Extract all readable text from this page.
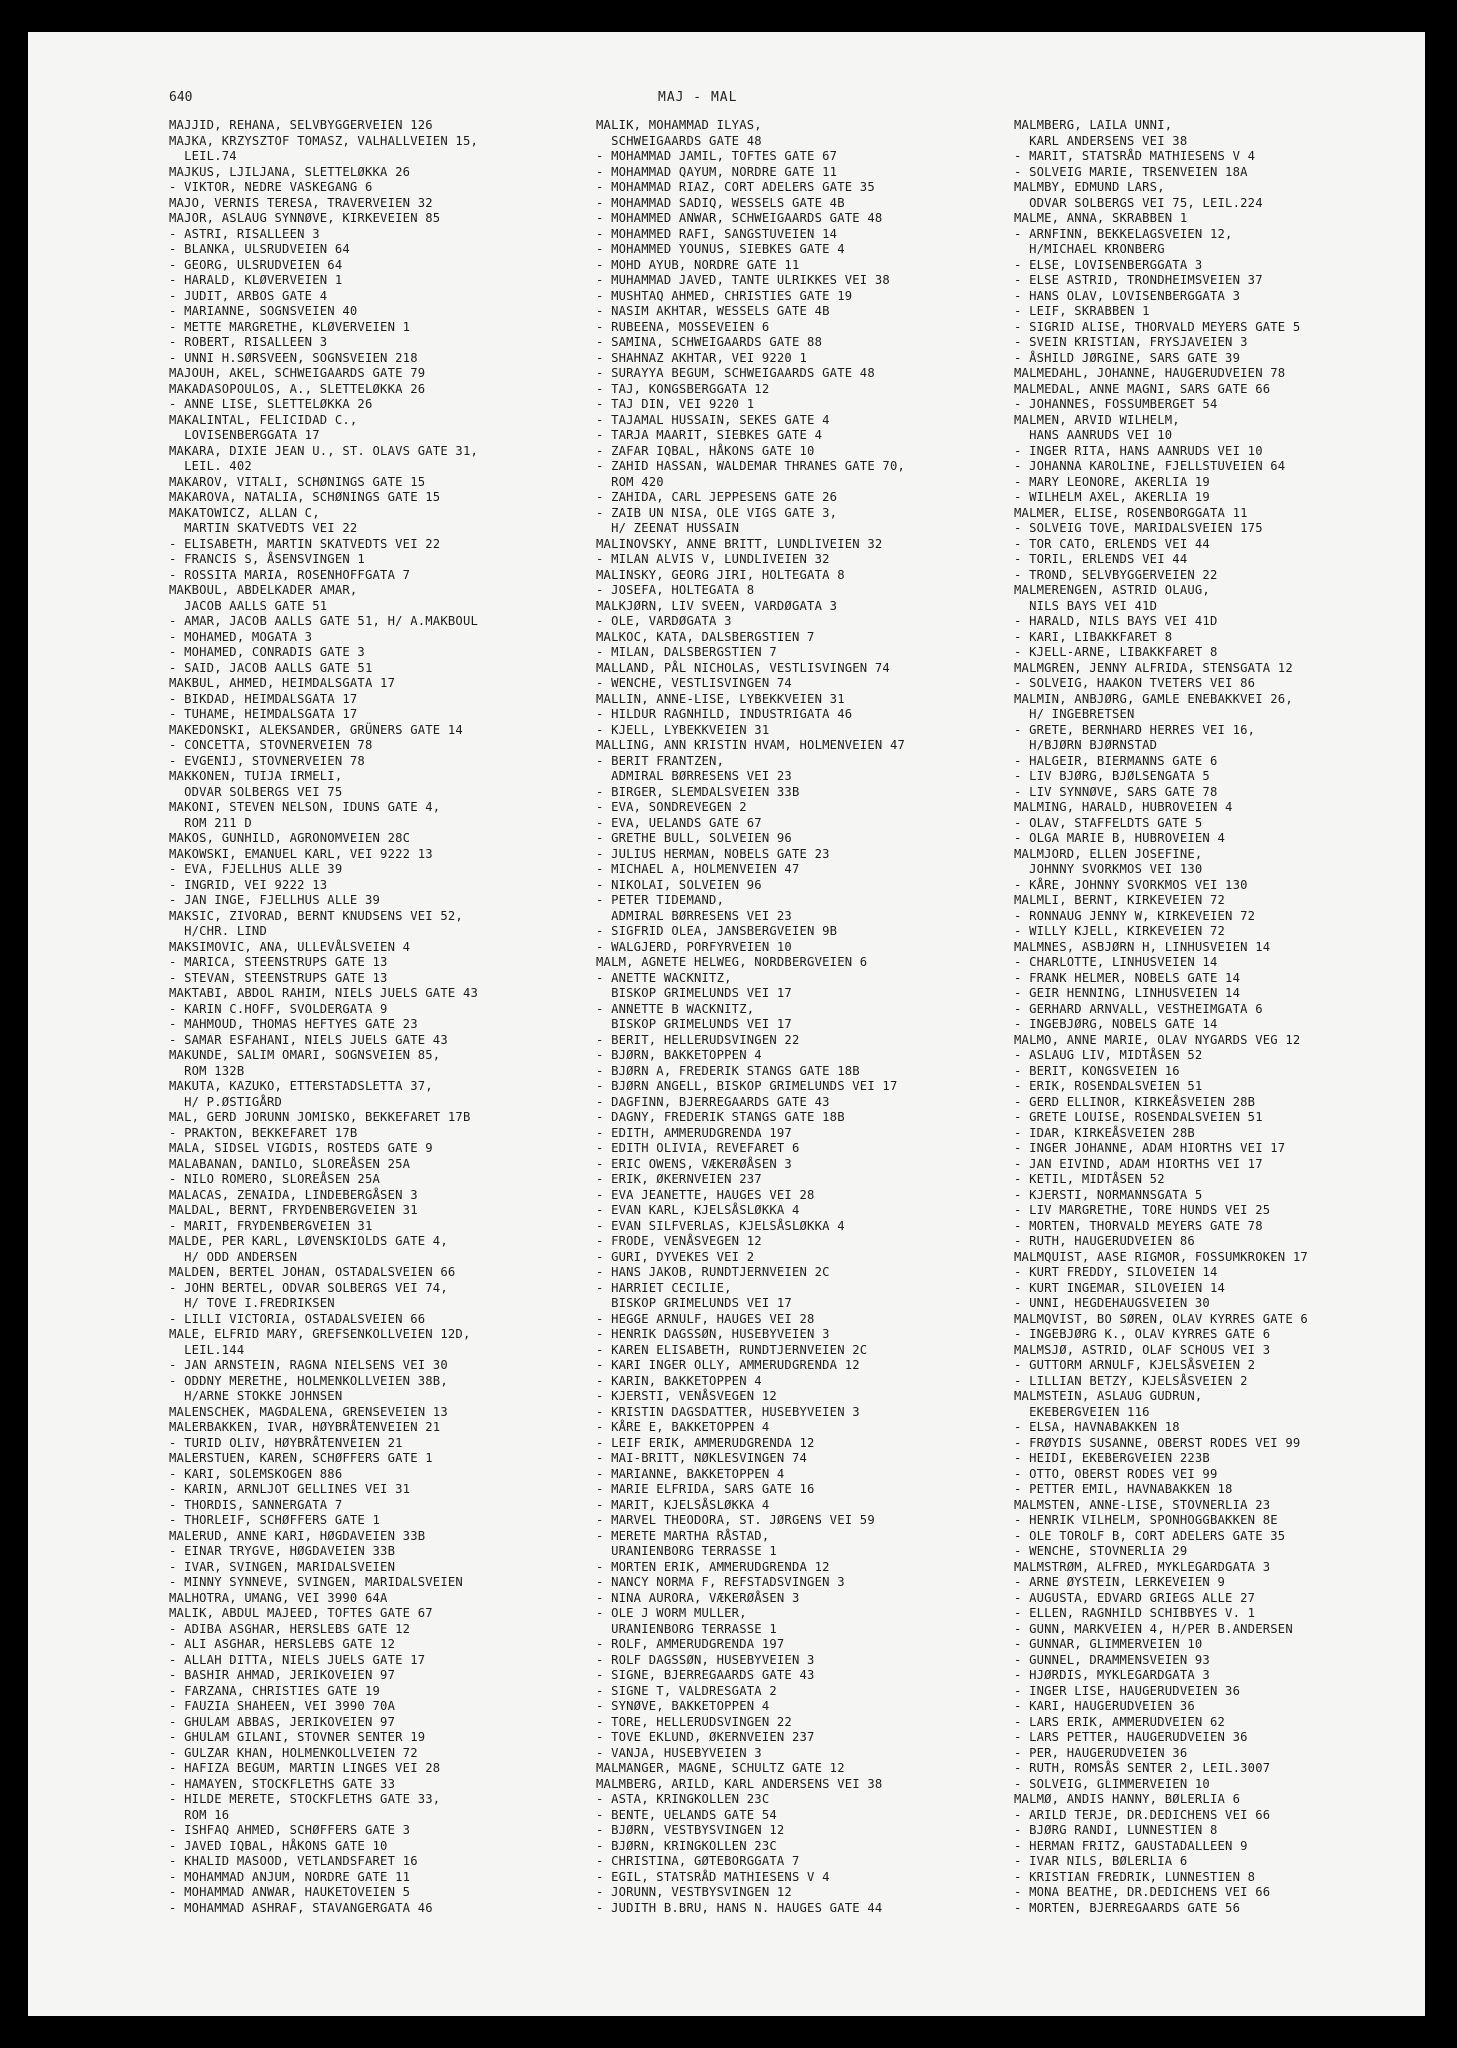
640	MAJ - MAL
MAJJID, REHANA, SELVBYGGERVEIEN 126
MAJKA, KRZYSZTOF TOMASZ, VALHALLVEIEN 15,
LEIL.74
MAJKUS, LJILJANA, SLETTELØKKA 26
- VIKTOR, NEDRE VASKEGANG 6
MAJO, VERNIS TERESA, TRAVERVEIEN 32
MAJOR, ASLAUG SYNNØVE, KIRKEVEIEN 85
- ASTRI, RISALLEEN 3
- BLANKA, ULSRUDVEIEN 64
- GEORG, ULSRUDVEIEN 64
- HARALD, KLØVERVEIEN 1
- JUDIT, ARBOS GATE 4
- MARIANNE, SOGNSVEIEN 40
- METTE MARGRETHE, KLØVERVEIEN 1
- ROBERT, RISALLEEN 3
- UNNI H.SØRSVEEN, SOGNSVEIEN 218
MAJOUH, AKEL, SCHWEIGAARDS GATE 79
MAKADASOPOULOS, A., SLETTELØKKA 26
- ANNE LISE, SLETTELØKKA 26
MAKALINTAL, FELICIDAD C.,
LOVISENBERGGATA 17
MAKARA, DIXIE JEAN U., ST. OLAVS GATE 31,
LEIL. 402
MAKAROV, VITALI, SCHØNINGS GATE 15
MAKAROVA, NATALIA, SCHØNINGS GATE 15
MAKATOWICZ, ALLAN C,
MARTIN SKATVEDTS VEI 22
- ELISABETH, MARTIN SKATVEDTS VEI 22
- FRANCIS S, ÅSENSVINGEN 1
- ROSSITA MARIA, ROSENHOFFGATA 7
MAKBOUL, ABDELKADER AMAR,
JACOB AALLS GATE 51
- AMAR, JACOB AALLS GATE 51, H/ A.MAKBOUL
- MOHAMED, MOGATA 3
- MOHAMED, CONRADIS GATE 3
- SAID, JACOB AALLS GATE 51
MAKBUL, AHMED, HEIMDALSGATA 17
- BIKDAD, HEIMDALSGATA 17
- TUHAME, HEIMDALSGATA 17
MAKEDONSKI, ALEKSANDER, GRÜNERS GATE 14
- CONCETTA, STOVNERVEIEN 78
- EVGENIJ, STOVNERVEIEN 78
MAKKONEN, TUIJA IRMELI,
ODVAR SOLBERGS VEI 75
MAKONI, STEVEN NELSON, IDUNS GATE 4,
ROM 211 D
MAKOS, GUNHILD, AGRONOMVEIEN 28C
MAKOWSKI, EMANUEL KARL, VEI 9222 13
- EVA, FJELLHUS ALLE 39
- INGRID, VEI 9222 13
- JAN INGE, FJELLHUS ALLE 39
MAKSIC, ZIVORAD, BERNT KNUDSENS VEI 52,
H/CHR. LIND
MAKSIMOVIC, ANA, ULLEVÅLSVEIEN 4
- MARICA, STEENSTRUPS GATE 13
- STEVAN, STEENSTRUPS GATE 13
MAKTABI, ABDOL RAHIM, NIELS JUELS GATE 43
- KARIN C.HOFF, SVOLDERGATA 9
- MAHMOUD, THOMAS HEFTYES GATE 23
- SAMAR ESFAHANI, NIELS JUELS GATE 43
MAKUNDE, SALIM OMARI, SOGNSVEIEN 85,
ROM 132B
MAKUTA, KAZUKO, ETTERSTADSLETTA 37,
H/ P.ØSTIGÅRD
MAL, GERD JORUNN JOMISKO, BEKKEFARET 17B
- PRAKTON, BEKKEFARET 17B
MALA, SIDSEL VIGDIS, ROSTEDS GATE 9
MALABANAN, DANILO, SLOREÅSEN 25A
- NILO ROMERO, SLOREÅSEN 25A
MALACAS, ZENAIDA, LINDEBERGÅSEN 3
MALDAL, BERNT, FRYDENBERGVEIEN 31
- MARIT, FRYDENBERGVEIEN 31
MALDE, PER KARL, LØVENSKIOLDS GATE 4,
H/ ODD ANDERSEN
MALDEN, BERTEL JOHAN, OSTADALSVEIEN 66
- JOHN BERTEL, ODVAR SOLBERGS VEI 74,
H/ TOVE I.FREDRIKSEN
- LILLI VICTORIA, OSTADALSVEIEN 66
MALE, ELFRID MARY, GREFSENKOLLVEIEN 12D,
LEIL.144
- JAN ARNSTEIN, RAGNA NIELSENS VEI 30
- ODDNY MERETHE, HOLMENKOLLVEIEN 38B,
H/ARNE STOKKE JOHNSEN
MALENSCHEK, MAGDALENA, GRENSEVEIEN 13
MALERBAKKEN, IVAR, HØYBRÅTENVEIEN 21
- TURID OLIV, HØYBRÅTENVEIEN 21
MALERSTUEN, KAREN, SCHØFFERS GATE 1
- KARI, SOLEMSKOGEN 886
- KARIN, ARNLJOT GELLINES VEI 31
- THORDIS, SANNERGATA 7
- THORLEIF, SCHØFFERS GATE 1
MALERUD, ANNE KARI, HØGDAVEIEN 33B
- EINAR TRYGVE, HØGDAVEIEN 33B
- IVAR, SVINGEN, MARIDALSVEIEN
- MINNY SYNNEVE, SVINGEN, MARIDALSVEIEN
MALHOTRA, UMANG, VEI 3990 64A
MALIK, ABDUL MAJEED, TOFTES GATE 67
- ADIBA ASGHAR, HERSLEBS GATE 12
- ALI ASGHAR, HERSLEBS GATE 12
- ALLAH DITTA, NIELS JUELS GATE 17
- BASHIR AHMAD, JERIKOVEIEN 97
- FARZANA, CHRISTIES GATE 19
- FAUZIA SHAHEEN, VEI 3990 70A
- GHULAM ABBAS, JERIKOVEIEN 97
- GHULAM GILANI, STOVNER SENTER 19
- GULZAR KHAN, HOLMENKOLLVEIEN 72
- HAFIZA BEGUM, MARTIN LINGES VEI 28
- HAMAYEN, STOCKFLETHS GATE 33
- HILDE MERETE, STOCKFLETHS GATE 33,
ROM 16
- ISHFAQ AHMED, SCHØFFERS GATE 3
- JAVED IQBAL, HÅKONS GATE 10
- KHALID MASOOD, VETLANDSFARET 16
- MOHAMMAD ANJUM, NORDRE GATE 11
- MOHAMMAD ANWAR, HAUKETOVEIEN 5
- MOHAMMAD ASHRAF, STAVANGERGATA 46
MALIK, MOHAMMAD ILYAS,
SCHWEIGAARDS GATE 48
- MOHAMMAD JAMIL, TOFTES GATE 67
- MOHAMMAD QAYUM, NORDRE GATE 11
- MOHAMMAD RIAZ, CORT ADELERS GATE 35
- MOHAMMAD SADIQ, WESSELS GATE 4B
- MOHAMMED ANWAR, SCHWEIGAARDS GATE 48
- MOHAMMED RAFI, SANGSTUVEIEN 14
- MOHAMMED YOUNUS, SIEBKES GATE 4
- MOHD AYUB, NORDRE GATE 11
- MUHAMMAD JAVED, TANTE ULRIKKES VEI 38
- MUSHTAQ AHMED, CHRISTIES GATE 19
- NASIM AKHTAR, WESSELS GATE 4B
- RUBEENA, MOSSEVEIEN 6
- SAMINA, SCHWEIGAARDS GATE 88
- SHAHNAZ AKHTAR, VEI 9220 1
- SURAYYA BEGUM, SCHWEIGAARDS GATE 48
- TAJ, KONGSBERGGATA 12
- TAJ DIN, VEI 9220 1
- TAJAMAL HUSSAIN, SEKES GATE 4
- TARJA MAARIT, SIEBKES GATE 4
- ZAFAR IQBAL, HÅKONS GATE 10
- ZAHID HASSAN, WALDEMAR THRANES GATE 70,
ROM 420
- ZAHIDA, CARL JEPPESENS GATE 26
- ZAIB UN NISA, OLE VIGS GATE 3,
H/ ZEENAT HUSSAIN
MALINOVSKY, ANNE BRITT, LUNDLIVEIEN 32
- MILAN ALVIS V, LUNDLIVEIEN 32
MALINSKY, GEORG JIRI, HOLTEGATA 8
- JOSEFA, HOLTEGATA 8
MALKJØRN, LIV SVEEN, VARDØGATA 3
- OLE, VARDØGATA 3
MALKOC, KATA, DALSBERGSTIEN 7
- MILAN, DALSBERGSTIEN 7
MALLAND, PÅL NICHOLAS, VESTLISVINGEN 74
- WENCHE, VESTLISVINGEN 74
MALLIN, ANNE-LISE, LYBEKKVEIEN 31
- HILDUR RAGNHILD, INDUSTRIGATA 46
- KJELL, LYBEKKVEIEN 31
MALLING, ANN KRISTIN HVAM, HOLMENVEIEN 47
- BERIT FRANTZEN,
ADMIRAL BØRRESENS VEI 23
- BIRGER, SLEMDALSVEIEN 33B
- EVA, SONDREVEGEN 2
- EVA, UELANDS GATE 67
- GRETHE BULL, SOLVEIEN 96
- JULIUS HERMAN, NOBELS GATE 23
- MICHAEL A, HOLMENVEIEN 47
- NIKOLAI, SOLVEIEN 96
- PETER TIDEMAND,
ADMIRAL BØRRESENS VEI 23
- SIGFRID OLEA, JANSBERGVEIEN 9B
- WALGJERD, PORFYRVEIEN 10
MALM, AGNETE HELWEG, NORDBERGVEIEN 6
- ANETTE WACKNITZ,
BISKOP GRIMELUNDS VEI 17
- ANNETTE B WACKNITZ,
BISKOP GRIMELUNDS VEI 17
- BERIT, HELLERUDSVINGEN 22
- BJØRN, BAKKETOPPEN 4
- BJØRN A, FREDERIK STANGS GATE 18B
- BJØRN ANGELL, BISKOP GRIMELUNDS VEI 17
- DAGFINN, BJERREGAARDS GATE 43
- DAGNY, FREDERIK STANGS GATE 18B
- EDITH, AMMERUDGRENDA 197
- EDITH OLIVIA, REVEFARET 6
- ERIC OWENS, VÆKERØÅSEN 3
- ERIK, ØKERNVEIEN 237
- EVA JEANETTE, HAUGES VEI 28
- EVAN KARL, KJELSÅSLØKKA 4
- EVAN SILFVERLAS, KJELSÅSLØKKA 4
- FRODE, VENÅSVEGEN 12
- GURI, DYVEKES VEI 2
- HANS JAKOB, RUNDTJERNVEIEN 2C
- HARRIET CECILIE,
BISKOP GRIMELUNDS VEI 17
- HEGGE ARNULF, HAUGES VEI 28
- HENRIK DAGSSØN, HUSEBYVEIEN 3
- KAREN ELISABETH, RUNDTJERNVEIEN 2C
- KARI INGER OLLY, AMMERUDGRENDA 12
- KARIN, BAKKETOPPEN 4
- KJERSTI, VENÅSVEGEN 12
- KRISTIN DAGSDATTER, HUSEBYVEIEN 3
- KÅRE E, BAKKETOPPEN 4
- LEIF ERIK, AMMERUDGRENDA 12
- MAI-BRITT, NØKLESVINGEN 74
- MARIANNE, BAKKETOPPEN 4
- MARIE ELFRIDA, SARS GATE 16
- MARIT, KJELSÅSLØKKA 4
- MARVEL THEODORA, ST. JØRGENS VEI 59
- MERETE MARTHA RÅSTAD,
URANIENBORG TERRASSE 1
- MORTEN ERIK, AMMERUDGRENDA 12
- NANCY NORMA F, REFSTADSVINGEN 3
- NINA AURORA, VÆKERØÅSEN 3
- OLE J WORM MULLER,
URANIENBORG TERRASSE 1
- ROLF, AMMERUDGRENDA 197
- ROLF DAGSSØN, HUSEBYVEIEN 3
- SIGNE, BJERREGAARDS GATE 43
- SIGNE T, VALDRESGATA 2
- SYNØVE, BAKKETOPPEN 4
- TORE, HELLERUDSVINGEN 22
- TOVE EKLUND, ØKERNVEIEN 237
- VANJA, HUSEBYVEIEN 3
MALMANGER, MAGNE, SCHULTZ GATE 12
MALMBERG, ARILD, KARL ANDERSENS VEI 38
- ASTA, KRINGKOLLEN 23C
- BENTE, UELANDS GATE 54
- BJØRN, VESTBYSVINGEN 12
- BJØRN, KRINGKOLLEN 23C
- CHRISTINA, GØTEBORGGATA 7
- EGIL, STATSRÅD MATHIESENS V 4
- JORUNN, VESTBYSVINGEN 12
- JUDITH B.BRU, HANS N. HAUGES GATE 44
MALMBERG, LAILA UNNI,
KARL ANDERSENS VEI 38
- MARIT, STATSRÅD MATHIESENS V 4
- SOLVEIG MARIE, TRSENVEIEN 18A
MALMBY, EDMUND LARS,
ODVAR SOLBERGS VEI 75, LEIL.224
MALME, ANNA, SKRABBEN 1
- ARNFINN, BEKKELAGSVEIEN 12,
H/MICHAEL KRONBERG
- ELSE, LOVISENBERGGATA 3
- ELSE ASTRID, TRONDHEIMSVEIEN 37
- HANS OLAV, LOVISENBERGGATA 3
- LEIF, SKRABBEN 1
- SIGRID ALISE, THORVALD MEYERS GATE 5
- SVEIN KRISTIAN, FRYSJAVEIEN 3
- ÅSHILD JØRGINE, SARS GATE 39
MALMEDAHL, JOHANNE, HAUGERUDVEIEN 78
MALMEDAL, ANNE MAGNI, SARS GATE 66
- JOHANNES, FOSSUMBERGET 54
MALMEN, ARVID WILHELM,
HANS AANRUDS VEI 10
- INGER RITA, HANS AANRUDS VEI 10
- JOHANNA KAROLINE, FJELLSTUVEIEN 64
- MARY LEONORE, AKERLIA 19
- WILHELM AXEL, AKERLIA 19
MALMER, ELISE, ROSENBORGGATA 11
- SOLVEIG TOVE, MARIDALSVEIEN 175
- TOR CATO, ERLENDS VEI 44
- TORIL, ERLENDS VEI 44
- TROND, SELVBYGGERVEIEN 22
MALMERENGEN, ASTRID OLAUG,
NILS BAYS VEI 41D
- HARALD, NILS BAYS VEI 41D
- KARI, LIBAKKFARET 8
- KJELL-ARNE, LIBAKKFARET 8
MALMGREN, JENNY ALFRIDA, STENSGATA 12
- SOLVEIG, HAAKON TVETERS VEI 86
MALMIN, ANBJØRG, GAMLE ENEBAKKVEI 26,
H/ INGEBRETSEN
- GRETE, BERNHARD HERRES VEI 16,
H/BJØRN BJØRNSTAD
- HALGEIR, BIERMANNS GATE 6
- LIV BJØRG, BJØLSENGATA 5
- LIV SYNNØVE, SARS GATE 78
MALMING, HARALD, HUBROVEIEN 4
- OLAV, STAFFELDTS GATE 5
- OLGA MARIE B, HUBROVEIEN 4
MALMJORD, ELLEN JOSEFINE,
JOHNNY SVORKMOS VEI 130
- KÅRE, JOHNNY SVORKMOS VEI 130
MALMLI, BERNT, KIRKEVEIEN 72
- RONNAUG JENNY W, KIRKEVEIEN 72
- WILLY KJELL, KIRKEVEIEN 72
MALMNES, ASBJØRN H, LINHUSVEIEN 14
- CHARLOTTE, LINHUSVEIEN 14
- FRANK HELMER, NOBELS GATE 14
- GEIR HENNING, LINHUSVEIEN 14
- GERHARD ARNVALL, VESTHEIMGATA 6
- INGEBJØRG, NOBELS GATE 14
MALMO, ANNE MARIE, OLAV NYGARDS VEG 12
- ASLAUG LIV, MIDTÅSEN 52
- BERIT, KONGSVEIEN 16
- ERIK, ROSENDALSVEIEN 51
- GERD ELLINOR, KIRKEÅSVEIEN 28B
- GRETE LOUISE, ROSENDALSVEIEN 51
- IDAR, KIRKEÅSVEIEN 28B
- INGER JOHANNE, ADAM HIORTHS VEI 17
- JAN EIVIND, ADAM HIORTHS VEI 17
- KETIL, MIDTÅSEN 52
- KJERSTI, NORMANNSGATA 5
- LIV MARGRETHE, TORE HUNDS VEI 25
- MORTEN, THORVALD MEYERS GATE 78
- RUTH, HAUGERUDVEIEN 86
MALMQUIST, AASE RIGMOR, FOSSUMKROKEN 17
- KURT FREDDY, SILOVEIEN 14
- KURT INGEMAR, SILOVEIEN 14
- UNNI, HEGDEHAUGSVEIEN 30
MALMQVIST, BO SØREN, OLAV KYRRES GATE 6
- INGEBJØRG K., OLAV KYRRES GATE 6
MALMSJØ, ASTRID, OLAF SCHOUS VEI 3
- GUTTORM ARNULF, KJELSÅSVEIEN 2
- LILLIAN BETZY, KJELSÅSVEIEN 2
MALMSTEIN, ASLAUG GUDRUN,
EKEBERGVEIEN 116
- ELSA, HAVNABAKKEN 18
- FRØYDIS SUSANNE, OBERST RODES VEI 99
- HEIDI, EKEBERGVEIEN 223B
- OTTO, OBERST RODES VEI 99
- PETTER EMIL, HAVNABAKKEN 18
MALMSTEN, ANNE-LISE, STOVNERLIA 23
- HENRIK VILHELM, SPONHOGGBAKKEN 8E
- OLE TOROLF B, CORT ADELERS GATE 35
- WENCHE, STOVNERLIA 29
MALMSTRØM, ALFRED, MYKLEGARDGATA 3
- ARNE ØYSTEIN, LERKEVEIEN 9
- AUGUSTA, EDVARD GRIEGS ALLE 27
- ELLEN, RAGNHILD SCHIBBYES V. 1
- GUNN, MARKVEIEN 4, H/PER B.ANDERSEN
- GUNNAR, GLIMMERVEIEN 10
- GUNNEL, DRAMMENSVEIEN 93
- HJØRDIS, MYKLEGARDGATA 3
- INGER LISE, HAUGERUDVEIEN 36
- KARI, HAUGERUDVEIEN 36
- LARS ERIK, AMMERUDVEIEN 62
- LARS PETTER, HAUGERUDVEIEN 36
- PER, HAUGERUDVEIEN 36
- RUTH, ROMSÅS SENTER 2, LEIL.3007
- SOLVEIG, GLIMMERVEIEN 10
MALMØ, ANDIS HANNY, BØLERLIA 6
- ARILD TERJE, DR.DEDICHENS VEI 66
- BJØRG RANDI, LUNNESTIEN 8
- HERMAN FRITZ, GAUSTADALLEEN 9
- IVAR NILS, BØLERLIA 6
- KRISTIAN FREDRIK, LUNNESTIEN 8
- MONA BEATHE, DR.DEDICHENS VEI 66
- MORTEN, BJERREGAARDS GATE 56
